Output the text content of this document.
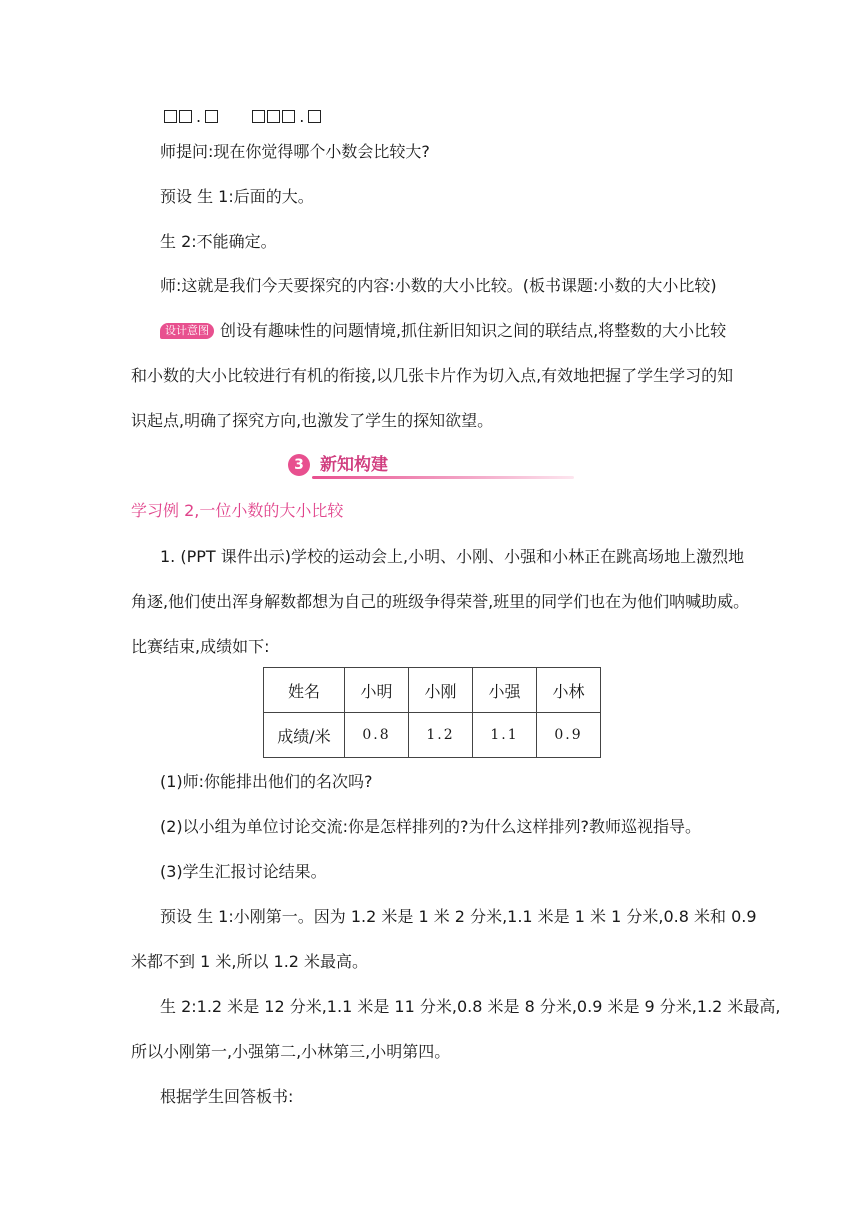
.	.
师提问:现在你觉得哪个小数会比较大?
预设 生 1:后面的大。
生 2:不能确定。
师:这就是我们今天要探究的内容:小数的大小比较。(板书课题:小数的大小比较)
设计意图 创设有趣味性的问题情境,抓住新旧知识之间的联结点,将整数的大小比较
和小数的大小比较进行有机的衔接,以几张卡片作为切入点,有效地把握了学生学习的知
识起点,明确了探究方向,也激发了学生的探知欲望。
3 新知构建
学习例 2,一位小数的大小比较
1. (PPT 课件出示)学校的运动会上,小明、小刚、小强和小林正在跳高场地上激烈地
角逐,他们使出浑身解数都想为自己的班级争得荣誉,班里的同学们也在为他们呐喊助威。
比赛结束,成绩如下:
姓名	小明	小刚	小强	小林
成绩/米	0.8	1.2	1.1	0.9
(1)师:你能排出他们的名次吗?
(2)以小组为单位讨论交流:你是怎样排列的?为什么这样排列?教师巡视指导。
(3)学生汇报讨论结果。
预设 生 1:小刚第一。因为 1.2 米是 1 米 2 分米,1.1 米是 1 米 1 分米,0.8 米和 0.9
米都不到 1 米,所以 1.2 米最高。
生 2:1.2 米是 12 分米,1.1 米是 11 分米,0.8 米是 8 分米,0.9 米是 9 分米,1.2 米最高,
所以小刚第一,小强第二,小林第三,小明第四。
根据学生回答板书:
